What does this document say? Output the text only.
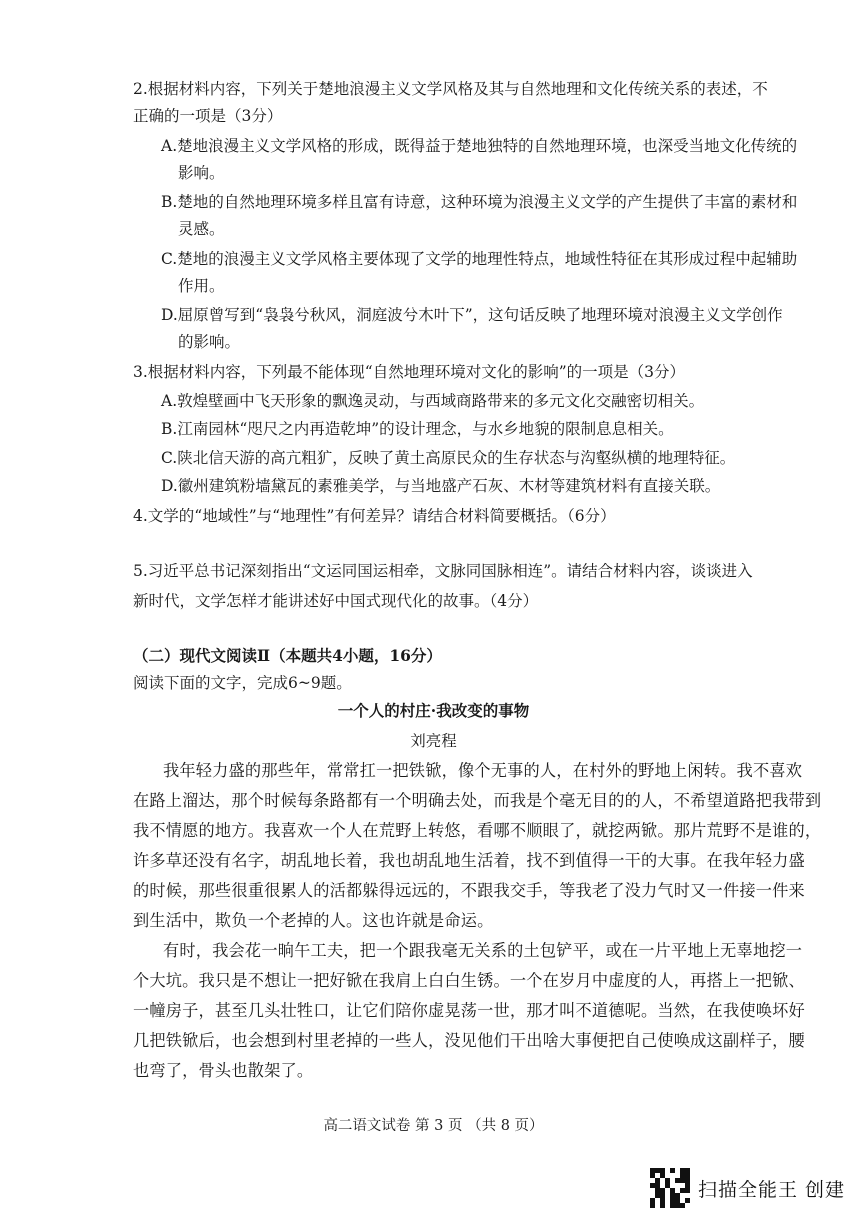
2.根据材料内容，下列关于楚地浪漫主义文学风格及其与自然地理和文化传统关系的表述，不
正确的一项是（3分）
A.楚地浪漫主义文学风格的形成，既得益于楚地独特的自然地理环境，也深受当地文化传统的
影响。
B.楚地的自然地理环境多样且富有诗意，这种环境为浪漫主义文学的产生提供了丰富的素材和
灵感。
C.楚地的浪漫主义文学风格主要体现了文学的地理性特点，地域性特征在其形成过程中起辅助
作用。
D.屈原曾写到“袅袅兮秋风，洞庭波兮木叶下”，这句话反映了地理环境对浪漫主义文学创作
的影响。
3.根据材料内容，下列最不能体现“自然地理环境对文化的影响”的一项是（3分）
A.敦煌壁画中飞天形象的飘逸灵动，与西域商路带来的多元文化交融密切相关。
B.江南园林“咫尺之内再造乾坤”的设计理念，与水乡地貌的限制息息相关。
C.陕北信天游的高亢粗犷，反映了黄土高原民众的生存状态与沟壑纵横的地理特征。
D.徽州建筑粉墙黛瓦的素雅美学，与当地盛产石灰、木材等建筑材料有直接关联。
4.文学的“地域性”与“地理性”有何差异？请结合材料简要概括。（6分）
5.习近平总书记深刻指出“文运同国运相牵，文脉同国脉相连”。请结合材料内容，谈谈进入
新时代，文学怎样才能讲述好中国式现代化的故事。（4分）
（二）现代文阅读Ⅱ（本题共4小题，16分）
阅读下面的文字，完成6~9题。
一个人的村庄·我改变的事物
刘亮程
我年轻力盛的那些年，常常扛一把铁锨，像个无事的人，在村外的野地上闲转。我不喜欢
在路上溜达，那个时候每条路都有一个明确去处，而我是个毫无目的的人，不希望道路把我带到
我不情愿的地方。我喜欢一个人在荒野上转悠，看哪不顺眼了，就挖两锨。那片荒野不是谁的，
许多草还没有名字，胡乱地长着，我也胡乱地生活着，找不到值得一干的大事。在我年轻力盛
的时候，那些很重很累人的活都躲得远远的，不跟我交手，等我老了没力气时又一件接一件来
到生活中，欺负一个老掉的人。这也许就是命运。
有时，我会花一晌午工夫，把一个跟我毫无关系的土包铲平，或在一片平地上无辜地挖一
个大坑。我只是不想让一把好锨在我肩上白白生锈。一个在岁月中虚度的人，再搭上一把锨、
一幢房子，甚至几头壮牲口，让它们陪你虚晃荡一世，那才叫不道德呢。当然，在我使唤坏好
几把铁锨后，也会想到村里老掉的一些人，没见他们干出啥大事便把自己使唤成这副样子，腰
也弯了，骨头也散架了。
高二语文试卷 第 3 页 （共 8 页）
扫描全能王 创建
